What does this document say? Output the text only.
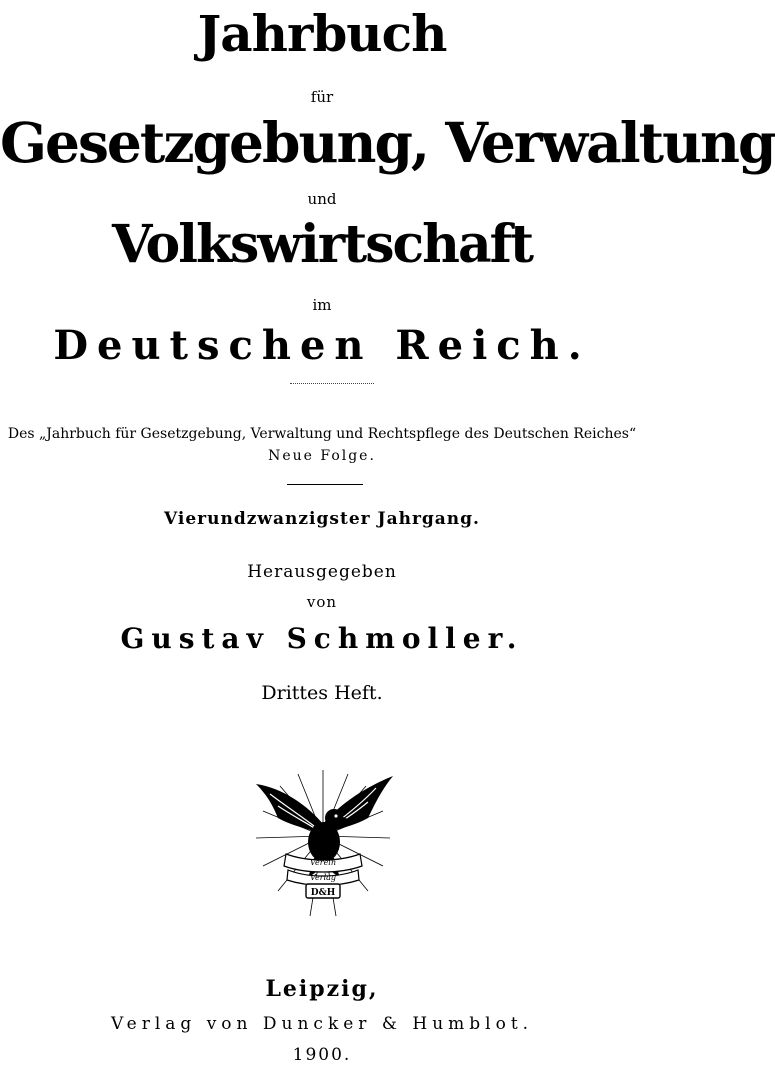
Jahrbuch
für
Gesetzgebung, Verwaltung
und
Volkswirtschaft
im
Deutschen Reich.
Des „Jahrbuch für Gesetzgebung, Verwaltung und Rechtspflege des Deutschen Reiches“
Neue Folge.
Vierundzwanzigster Jahrgang.
Herausgegeben
von
Gustav Schmoller.
Drittes Heft.
Verein
Verlag
D&H
Leipzig,
Verlag von Duncker & Humblot.
1900.
